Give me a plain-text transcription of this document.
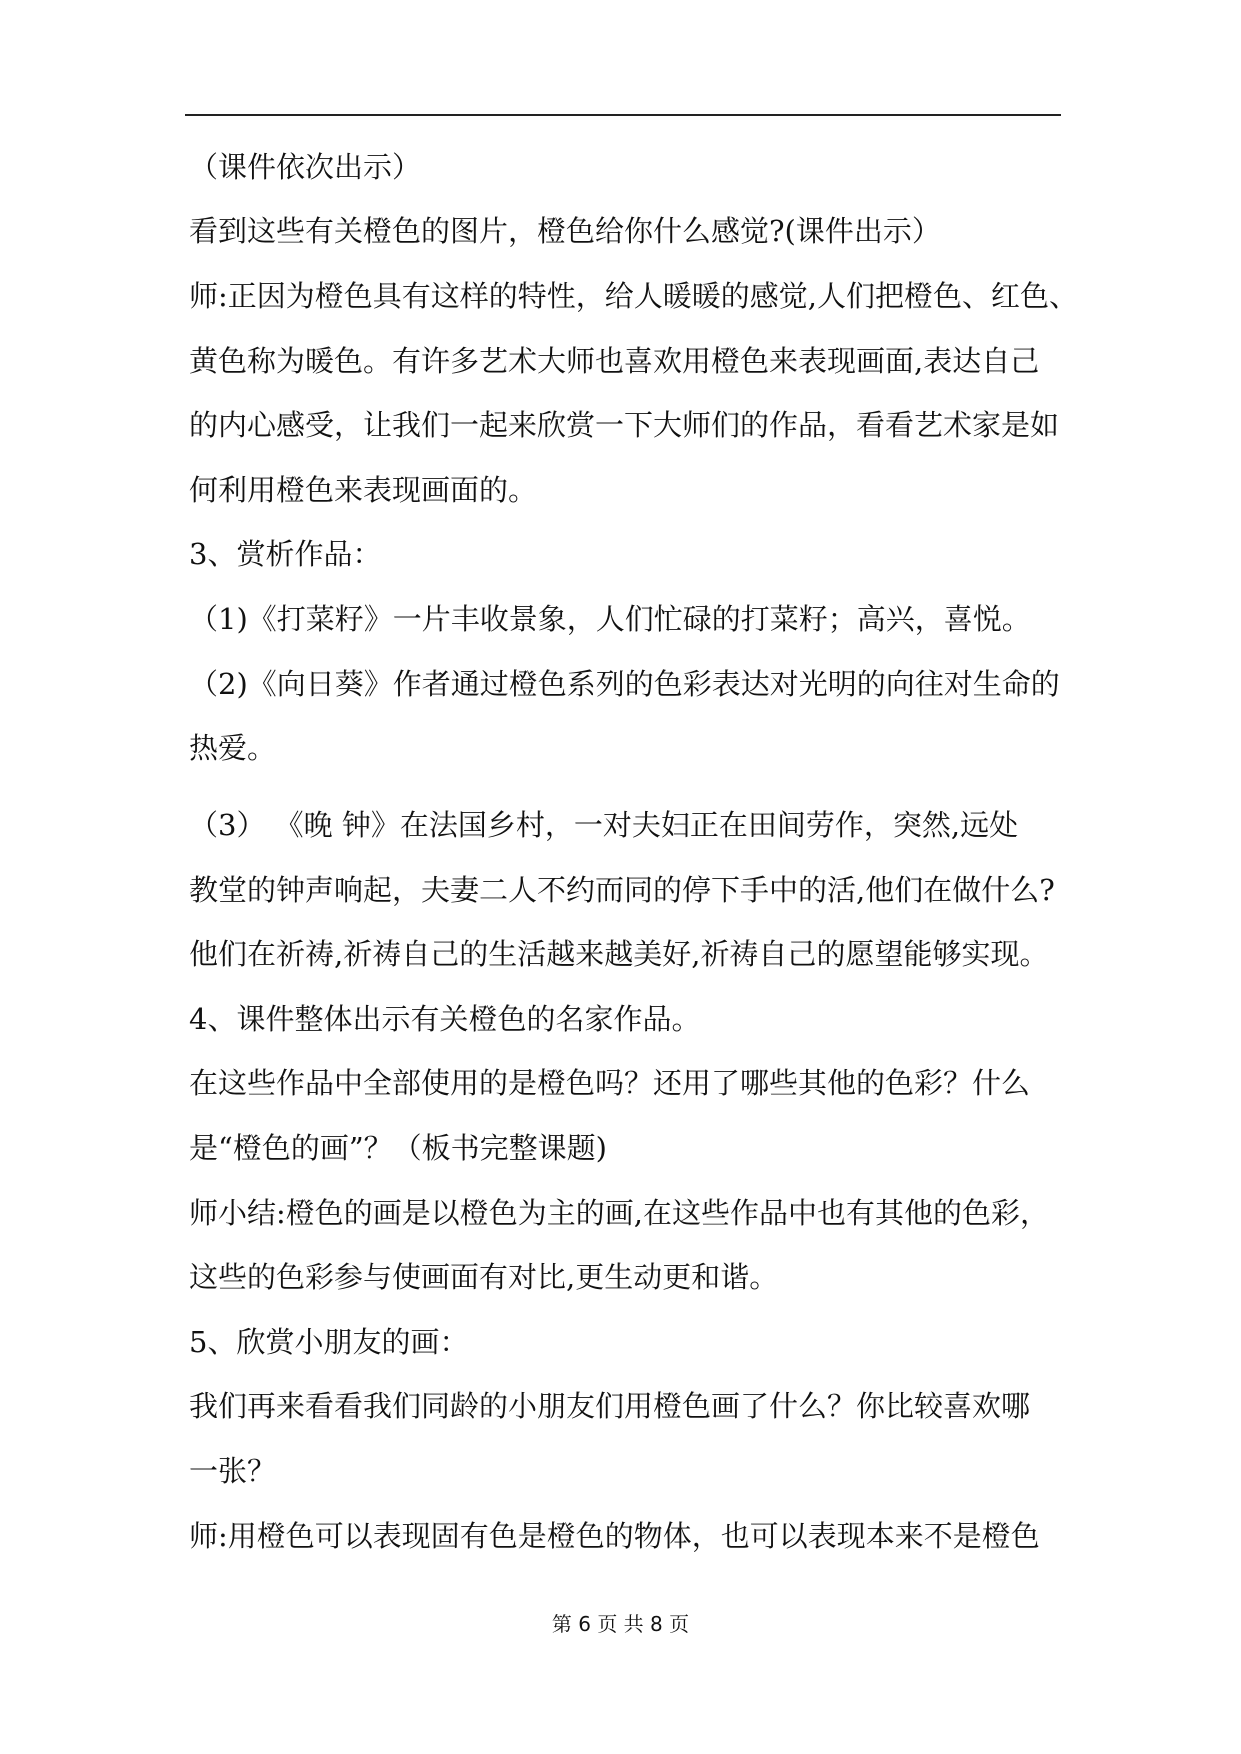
（课件依次出示）
看到这些有关橙色的图片，橙色给你什么感觉?(课件出示）
师:正因为橙色具有这样的特性，给人暖暖的感觉,人们把橙色、红色、
黄色称为暖色。有许多艺术大师也喜欢用橙色来表现画面,表达自己
的内心感受，让我们一起来欣赏一下大师们的作品，看看艺术家是如
何利用橙色来表现画面的。
3、赏析作品：
（1)《打菜籽》一片丰收景象，人们忙碌的打菜籽；高兴，喜悦。
（2)《向日葵》作者通过橙色系列的色彩表达对光明的向往对生命的
热爱。
（3） 《晚 钟》在法国乡村，一对夫妇正在田间劳作，突然,远处
教堂的钟声响起，夫妻二人不约而同的停下手中的活,他们在做什么?
他们在祈祷,祈祷自己的生活越来越美好,祈祷自己的愿望能够实现。
4、课件整体出示有关橙色的名家作品。
在这些作品中全部使用的是橙色吗？还用了哪些其他的色彩？什么
是“橙色的画”？（板书完整课题)
师小结:橙色的画是以橙色为主的画,在这些作品中也有其他的色彩，
这些的色彩参与使画面有对比,更生动更和谐。
5、欣赏小朋友的画：
我们再来看看我们同龄的小朋友们用橙色画了什么？你比较喜欢哪
一张？
师:用橙色可以表现固有色是橙色的物体，也可以表现本来不是橙色
第 6 页 共 8 页
